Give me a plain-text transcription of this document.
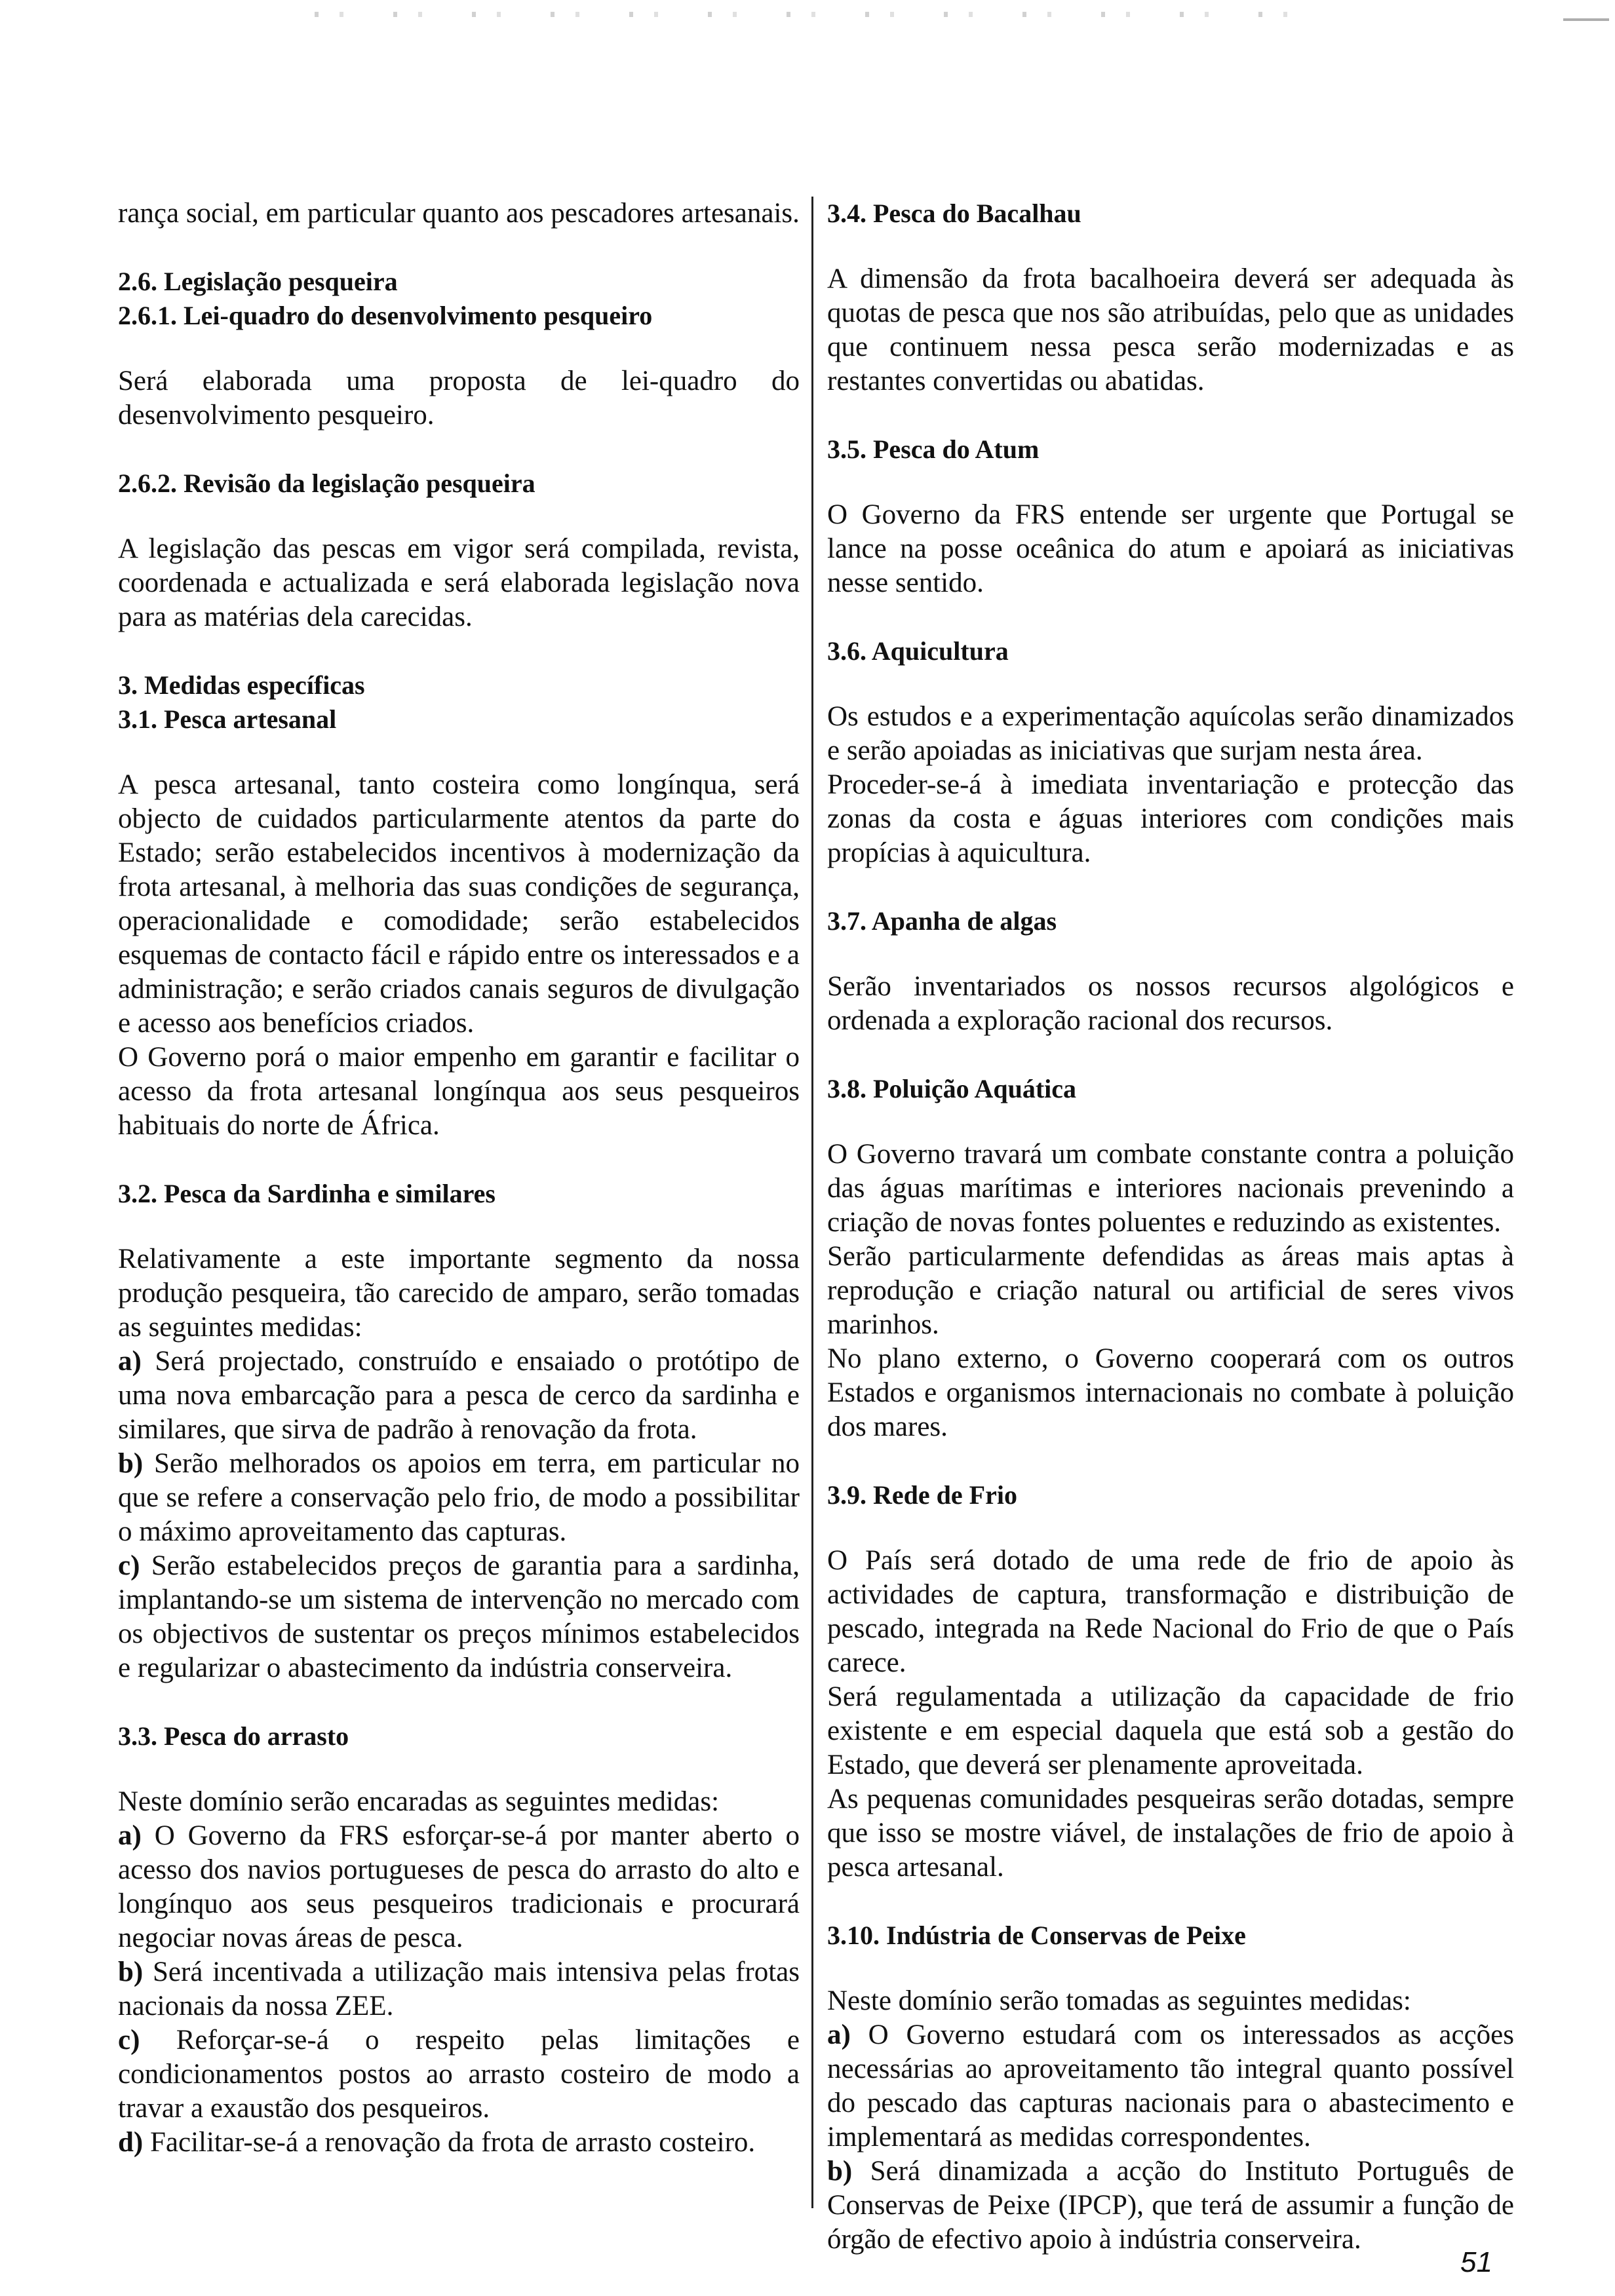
rança social, em particular quanto aos pescadores artesanais.

2.6. Legislação pesqueira
2.6.1. Lei-quadro do desenvolvimento pesqueiro

Será elaborada uma proposta de lei-quadro do desenvolvimento pesqueiro.

2.6.2. Revisão da legislação pesqueira

A legislação das pescas em vigor será compilada, revista, coordenada e actualizada e será elaborada legislação nova para as matérias dela carecidas.

3. Medidas específicas
3.1. Pesca artesanal

A pesca artesanal, tanto costeira como longínqua, será objecto de cuidados particularmente atentos da parte do Estado; serão estabelecidos incentivos à modernização da frota artesanal, à melhoria das suas condições de segurança, operacionalidade e comodidade; serão estabelecidos esquemas de contacto fácil e rápido entre os interessados e a administração; e serão criados canais seguros de divulgação e acesso aos benefícios criados.

O Governo porá o maior empenho em garantir e facilitar o acesso da frota artesanal longínqua aos seus pesqueiros habituais do norte de África.

3.2. Pesca da Sardinha e similares

Relativamente a este importante segmento da nossa produção pesqueira, tão carecido de amparo, serão tomadas as seguintes medidas:

a) Será projectado, construído e ensaiado o protótipo de uma nova embarcação para a pesca de cerco da sardinha e similares, que sirva de padrão à renovação da frota.

b) Serão melhorados os apoios em terra, em particular no que se refere a conservação pelo frio, de modo a possibilitar o máximo aproveitamento das capturas.

c) Serão estabelecidos preços de garantia para a sardinha, implantando-se um sistema de intervenção no mercado com os objectivos de sustentar os preços mínimos estabelecidos e regularizar o abastecimento da indústria conserveira.

3.3. Pesca do arrasto

Neste domínio serão encaradas as seguintes medidas:

a) O Governo da FRS esforçar-se-á por manter aberto o acesso dos navios portugueses de pesca do arrasto do alto e longínquo aos seus pesqueiros tradicionais e procurará negociar novas áreas de pesca.

b) Será incentivada a utilização mais intensiva pelas frotas nacionais da nossa ZEE.

c) Reforçar-se-á o respeito pelas limitações e condicionamentos postos ao arrasto costeiro de modo a travar a exaustão dos pesqueiros.

d) Facilitar-se-á a renovação da frota de arrasto costeiro.

3.4. Pesca do Bacalhau

A dimensão da frota bacalhoeira deverá ser adequada às quotas de pesca que nos são atribuídas, pelo que as unidades que continuem nessa pesca serão modernizadas e as restantes convertidas ou abatidas.

3.5. Pesca do Atum

O Governo da FRS entende ser urgente que Portugal se lance na posse oceânica do atum e apoiará as iniciativas nesse sentido.

3.6. Aquicultura

Os estudos e a experimentação aquícolas serão dinamizados e serão apoiadas as iniciativas que surjam nesta área.

Proceder-se-á à imediata inventariação e protecção das zonas da costa e águas interiores com condições mais propícias à aquicultura.

3.7. Apanha de algas

Serão inventariados os nossos recursos algológicos e ordenada a exploração racional dos recursos.

3.8. Poluição Aquática

O Governo travará um combate constante contra a poluição das águas marítimas e interiores nacionais prevenindo a criação de novas fontes poluentes e reduzindo as existentes.

Serão particularmente defendidas as áreas mais aptas à reprodução e criação natural ou artificial de seres vivos marinhos.

No plano externo, o Governo cooperará com os outros Estados e organismos internacionais no combate à poluição dos mares.

3.9. Rede de Frio

O País será dotado de uma rede de frio de apoio às actividades de captura, transformação e distribuição de pescado, integrada na Rede Nacional do Frio de que o País carece.

Será regulamentada a utilização da capacidade de frio existente e em especial daquela que está sob a gestão do Estado, que deverá ser plenamente aproveitada.

As pequenas comunidades pesqueiras serão dotadas, sempre que isso se mostre viável, de instalações de frio de apoio à pesca artesanal.

3.10. Indústria de Conservas de Peixe

Neste domínio serão tomadas as seguintes medidas:

a) O Governo estudará com os interessados as acções necessárias ao aproveitamento tão integral quanto possível do pescado das capturas nacionais para o abastecimento e implementará as medidas correspondentes.

b) Será dinamizada a acção do Instituto Português de Conservas de Peixe (IPCP), que terá de assumir a função de órgão de efectivo apoio à indústria conserveira.

51
